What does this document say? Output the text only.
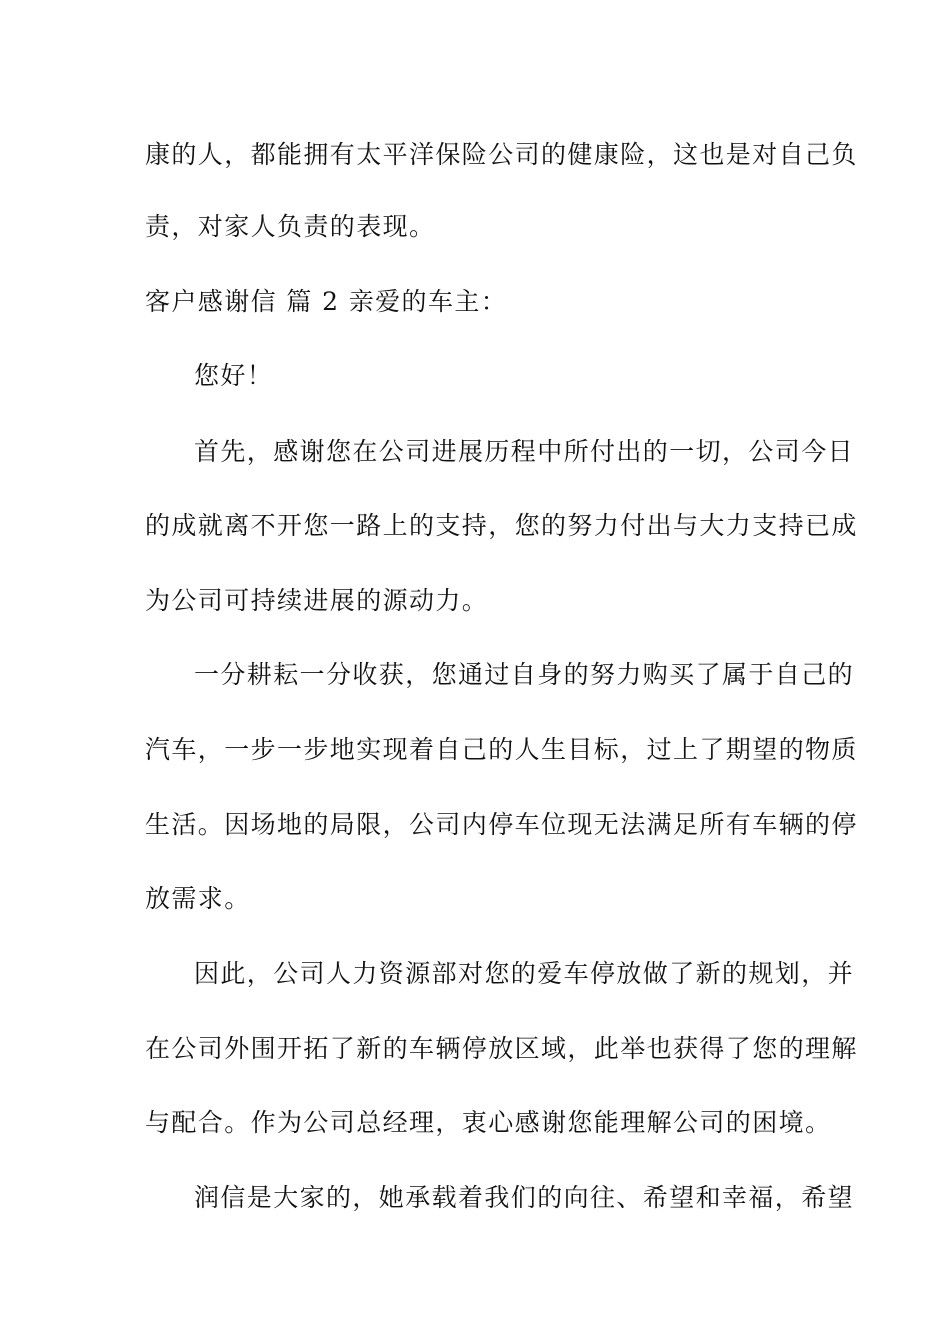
康的人，都能拥有太平洋保险公司的健康险，这也是对自己负
责，对家人负责的表现。
客户感谢信 篇 2 亲爱的车主：
您好！
首先，感谢您在公司进展历程中所付出的一切，公司今日
的成就离不开您一路上的支持，您的努力付出与大力支持已成
为公司可持续进展的源动力。
一分耕耘一分收获，您通过自身的努力购买了属于自己的
汽车，一步一步地实现着自己的人生目标，过上了期望的物质
生活。因场地的局限，公司内停车位现无法满足所有车辆的停
放需求。
因此，公司人力资源部对您的爱车停放做了新的规划，并
在公司外围开拓了新的车辆停放区域，此举也获得了您的理解
与配合。作为公司总经理，衷心感谢您能理解公司的困境。
润信是大家的，她承载着我们的向往、希望和幸福，希望
